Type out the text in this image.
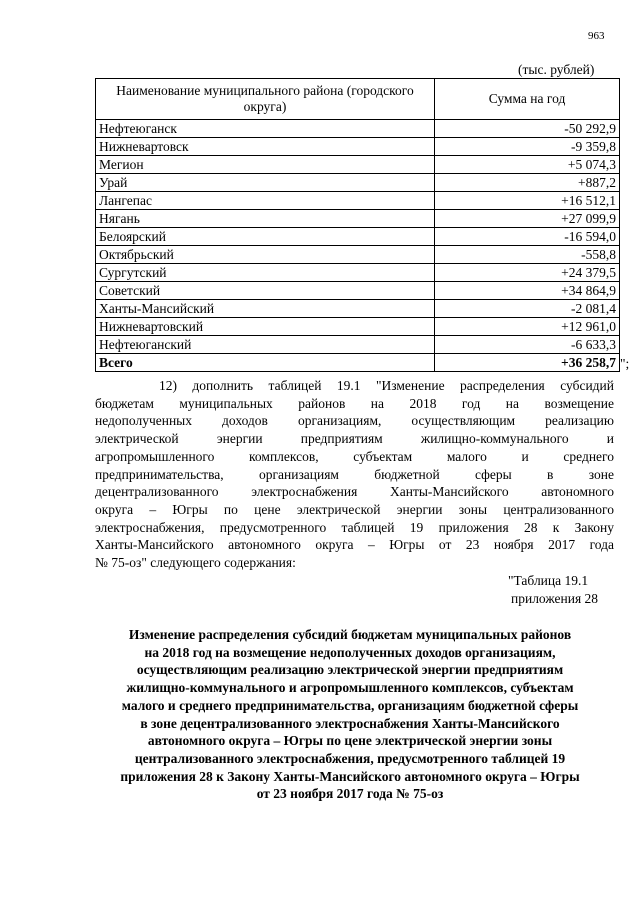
963
(тыс. рублей)
Наименование муниципального района (городского округа)	Сумма на год
Нефтеюганск	-50 292,9
Нижневартовск	-9 359,8
Мегион	+5 074,3
Урай	+887,2
Лангепас	+16 512,1
Нягань	+27 099,9
Белоярский	-16 594,0
Октябрьский	-558,8
Сургутский	+24 379,5
Советский	+34 864,9
Ханты-Мансийский	-2 081,4
Нижневартовский	+12 961,0
Нефтеюганский	-6 633,3
Всего	+36 258,7 ";
12) дополнить таблицей 19.1 "Изменение распределения субсидий
бюджетам муниципальных районов на 2018 год на возмещение
недополученных доходов организациям, осуществляющим реализацию
электрической энергии предприятиям жилищно-коммунального и
агропромышленного комплексов, субъектам малого и среднего
предпринимательства, организациям бюджетной сферы в зоне
децентрализованного электроснабжения Ханты-Мансийского автономного
округа – Югры по цене электрической энергии зоны централизованного
электроснабжения, предусмотренного таблицей 19 приложения 28 к Закону
Ханты-Мансийского автономного округа – Югры от 23 ноября 2017 года
№ 75-оз" следующего содержания:
"Таблица 19.1
приложения 28
Изменение распределения субсидий бюджетам муниципальных районов
на 2018 год на возмещение недополученных доходов организациям,
осуществляющим реализацию электрической энергии предприятиям
жилищно-коммунального и агропромышленного комплексов, субъектам
малого и среднего предпринимательства, организациям бюджетной сферы
в зоне децентрализованного электроснабжения Ханты-Мансийского
автономного округа – Югры по цене электрической энергии зоны
централизованного электроснабжения, предусмотренного таблицей 19
приложения 28 к Закону Ханты-Мансийского автономного округа – Югры
от 23 ноября 2017 года № 75-оз
